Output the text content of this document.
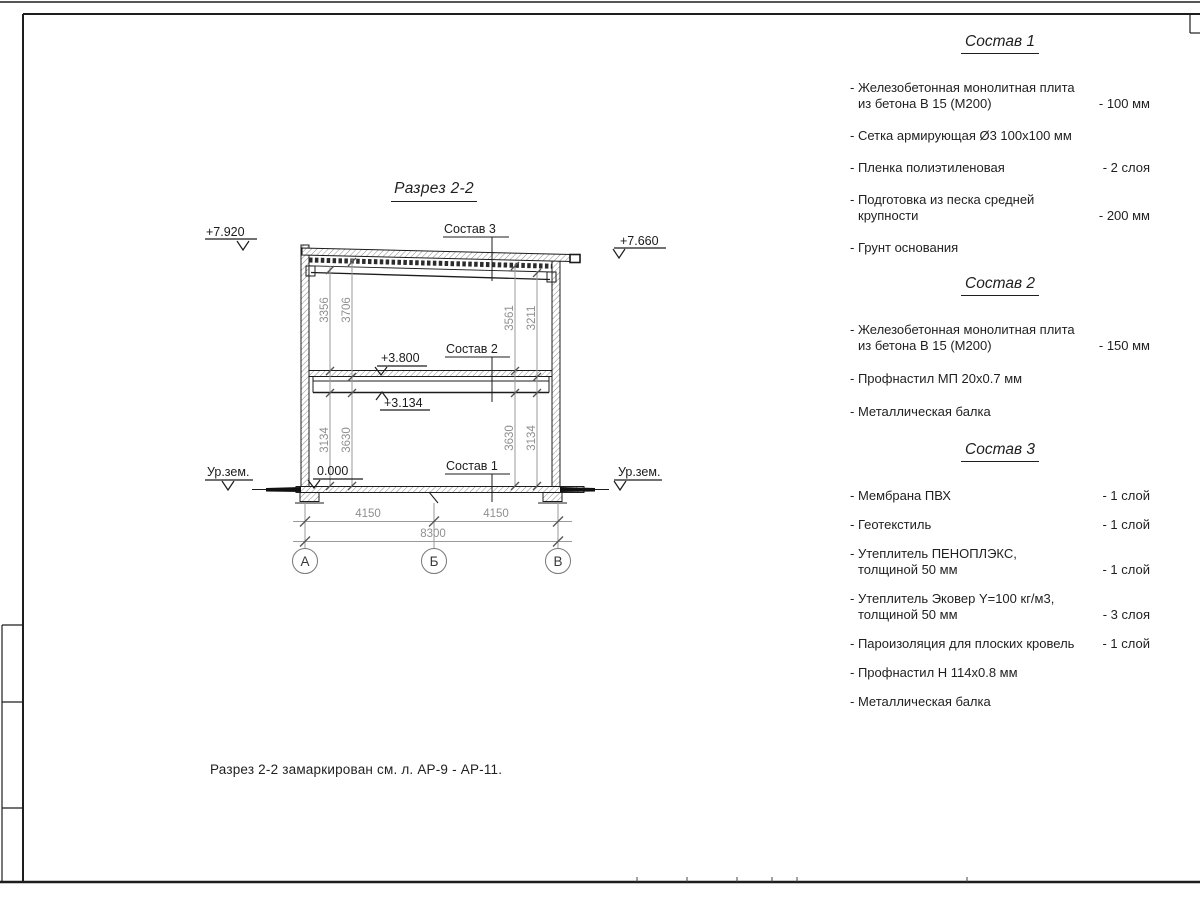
3356 3706	3561 3211
3134 3630	3630 3134
4150	4150
8300
А	Б	В
+7.920
+7.660
+3.800
+3.134
0.000
Ур.зем.	Ур.зем.
Состав 3
Состав 2
Состав 1
Разрез 2-2
Разрез 2-2 замаркирован см. л. АР-9 - АР-11.
Состав 1
- Железобетонная монолитная плита
из бетона В 15 (М200)	- 100 мм
- Сетка армирующая Ø3 100х100 мм
- Пленка полиэтиленовая	- 2 слоя
- Подготовка из песка средней
крупности	- 200 мм
- Грунт основания
Состав 2
- Железобетонная монолитная плита
из бетона В 15 (М200)	- 150 мм
- Профнастил МП 20х0.7 мм
- Металлическая балка
Состав 3
- Мембрана ПВХ	- 1 слой
- Геотекстиль	- 1 слой
- Утеплитель ПЕНОПЛЭКС,
толщиной 50 мм	- 1 слой
- Утеплитель Эковер Y=100 кг/м3,
толщиной 50 мм	- 3 слоя
- Пароизоляция для плоских кровель	- 1 слой
- Профнастил Н 114х0.8 мм
- Металлическая балка
